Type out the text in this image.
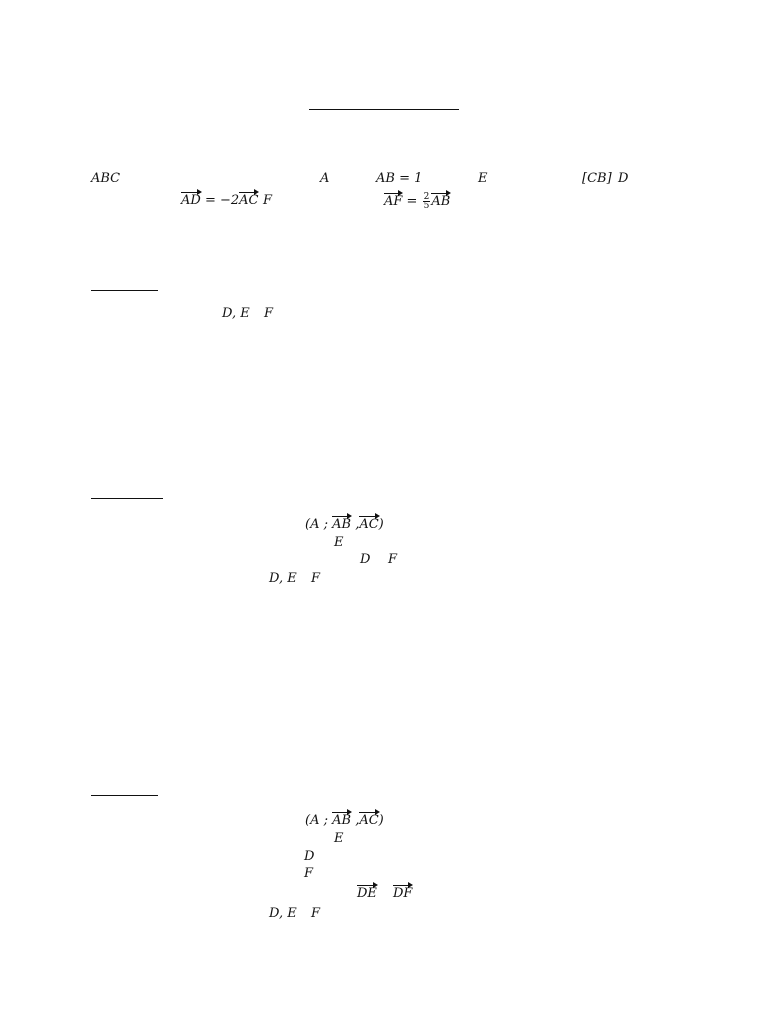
ABC	A	AB = 1	E	[CB] D
AD = −2AC F	AF = $\frac{2}{5}$ AB
D, E F
(A ; AB ,AC)
E
D F
D, E F
(A ; AB ,AC)
E
D
F
DE DF
D, E F
